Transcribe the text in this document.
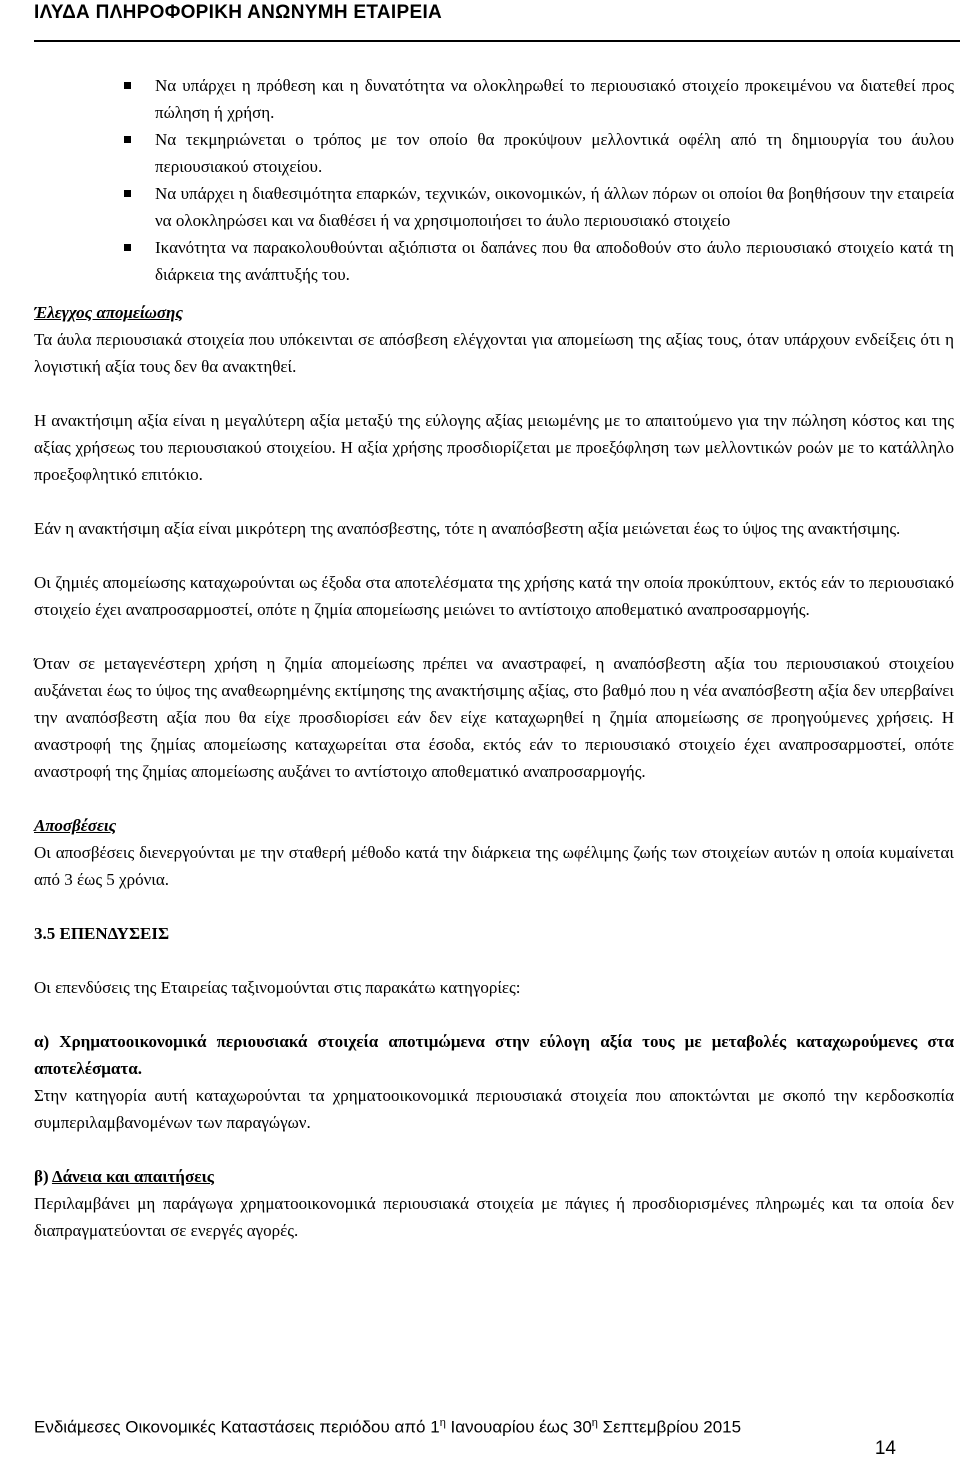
ΙΛΥΔΑ ΠΛΗΡΟΦΟΡΙΚΗ ΑΝΩΝΥΜΗ ΕΤΑΙΡΕΙΑ
Να υπάρχει η πρόθεση και η δυνατότητα να ολοκληρωθεί το περιουσιακό στοιχείο προκειμένου να διατεθεί προς πώληση ή χρήση.
Να τεκμηριώνεται ο τρόπος με τον οποίο θα προκύψουν μελλοντικά οφέλη από τη δημιουργία του άυλου περιουσιακού στοιχείου.
Να υπάρχει η διαθεσιμότητα επαρκών, τεχνικών, οικονομικών, ή άλλων πόρων οι οποίοι θα βοηθήσουν την εταιρεία να ολοκληρώσει και να διαθέσει ή να χρησιμοποιήσει το άυλο περιουσιακό στοιχείο
Ικανότητα να παρακολουθούνται αξιόπιστα οι δαπάνες που θα αποδοθούν στο άυλο περιουσιακό στοιχείο κατά τη διάρκεια της ανάπτυξής του.

Έλεγχος απομείωσης

Τα άυλα περιουσιακά στοιχεία που υπόκεινται σε απόσβεση ελέγχονται για απομείωση της αξίας τους, όταν υπάρχουν ενδείξεις ότι η λογιστική αξία τους δεν θα ανακτηθεί.

Η ανακτήσιμη αξία είναι η μεγαλύτερη αξία μεταξύ της εύλογης αξίας μειωμένης με το απαιτούμενο για την πώληση κόστος και της αξίας χρήσεως του περιουσιακού στοιχείου. Η αξία χρήσης προσδιορίζεται με προεξόφληση των μελλοντικών ροών με το κατάλληλο προεξοφλητικό επιτόκιο.

Εάν η ανακτήσιμη αξία είναι μικρότερη της αναπόσβεστης, τότε η αναπόσβεστη αξία μειώνεται έως το ύψος της ανακτήσιμης.

Οι ζημιές απομείωσης καταχωρούνται ως έξοδα στα αποτελέσματα της χρήσης κατά την οποία προκύπτουν, εκτός εάν το περιουσιακό στοιχείο έχει αναπροσαρμοστεί, οπότε η ζημία απομείωσης μειώνει το αντίστοιχο αποθεματικό αναπροσαρμογής.

Όταν σε μεταγενέστερη χρήση η ζημία απομείωσης πρέπει να αναστραφεί, η αναπόσβεστη αξία του περιουσιακού στοιχείου αυξάνεται έως το ύψος της αναθεωρημένης εκτίμησης της ανακτήσιμης αξίας, στο βαθμό που η νέα αναπόσβεστη αξία δεν υπερβαίνει την αναπόσβεστη αξία που θα είχε προσδιορίσει εάν δεν είχε καταχωρηθεί η ζημία απομείωσης σε προηγούμενες χρήσεις. Η αναστροφή της ζημίας απομείωσης καταχωρείται στα έσοδα, εκτός εάν το περιουσιακό στοιχείο έχει αναπροσαρμοστεί, οπότε αναστροφή της ζημίας απομείωσης αυξάνει το αντίστοιχο αποθεματικό αναπροσαρμογής.

Αποσβέσεις

Οι αποσβέσεις διενεργούνται με την σταθερή μέθοδο κατά την διάρκεια της ωφέλιμης ζωής των στοιχείων αυτών η οποία κυμαίνεται από 3 έως 5 χρόνια.

3.5 ΕΠΕΝΔΥΣΕΙΣ

Οι επενδύσεις της Εταιρείας ταξινομούνται στις παρακάτω κατηγορίες:

α) Χρηματοοικονομικά περιουσιακά στοιχεία αποτιμώμενα στην εύλογη αξία τους με μεταβολές καταχωρούμενες στα αποτελέσματα.

Στην κατηγορία αυτή καταχωρούνται τα χρηματοοικονομικά περιουσιακά στοιχεία που αποκτώνται με σκοπό την κερδοσκοπία συμπεριλαμβανομένων των παραγώγων.

β) Δάνεια και απαιτήσεις

Περιλαμβάνει μη παράγωγα χρηματοοικονομικά περιουσιακά στοιχεία με πάγιες ή προσδιορισμένες πληρωμές και τα οποία δεν διαπραγματεύονται σε ενεργές αγορές.

Ενδιάμεσες Οικονομικές Καταστάσεις περιόδου από $1^\eta$ Ιανουαρίου έως $30^\eta$ Σεπτεμβρίου 2015
14
